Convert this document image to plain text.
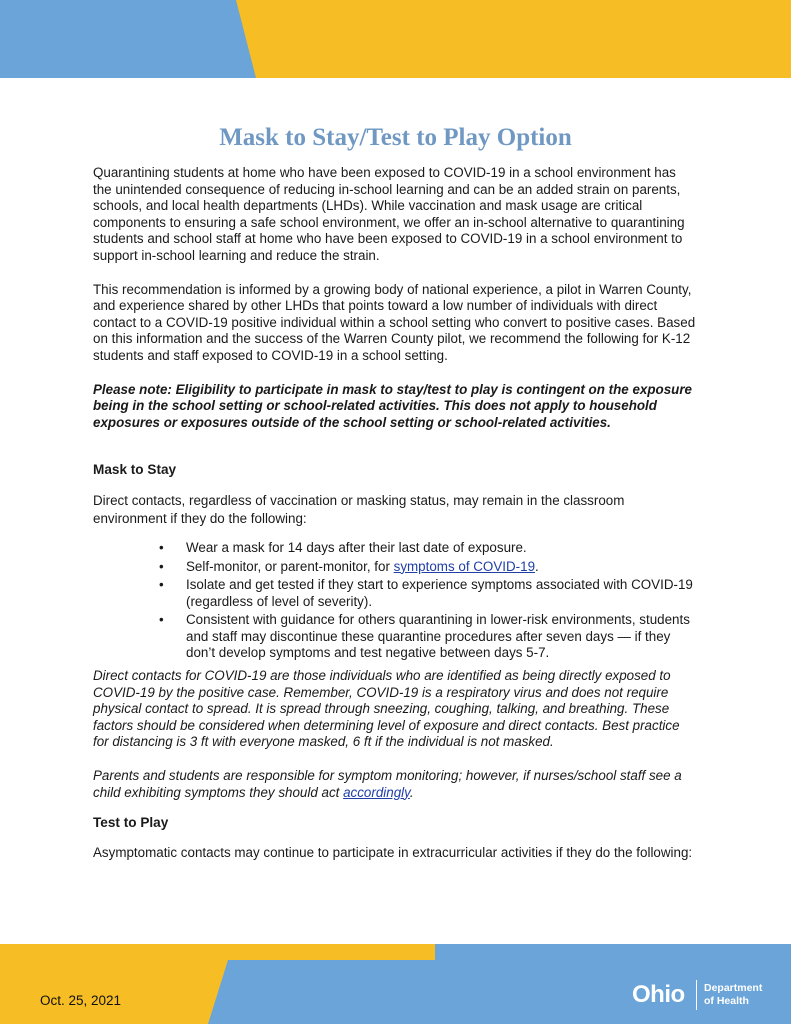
Mask to Stay/Test to Play Option

Quarantining students at home who have been exposed to COVID-19 in a school environment has the unintended consequence of reducing in-school learning and can be an added strain on parents, schools, and local health departments (LHDs). While vaccination and mask usage are critical components to ensuring a safe school environment, we offer an in-school alternative to quarantining students and school staff at home who have been exposed to COVID-19 in a school environment to support in-school learning and reduce the strain.

This recommendation is informed by a growing body of national experience, a pilot in Warren County, and experience shared by other LHDs that points toward a low number of individuals with direct contact to a COVID-19 positive individual within a school setting who convert to positive cases. Based on this information and the success of the Warren County pilot, we recommend the following for K-12 students and staff exposed to COVID-19 in a school setting.

Please note: Eligibility to participate in mask to stay/test to play is contingent on the exposure being in the school setting or school-related activities. This does not apply to household exposures or exposures outside of the school setting or school-related activities.

Mask to Stay

Direct contacts, regardless of vaccination or masking status, may remain in the classroom environment if they do the following:

• Wear a mask for 14 days after their last date of exposure.
• Self-monitor, or parent-monitor, for symptoms of COVID-19.
• Isolate and get tested if they start to experience symptoms associated with COVID-19 (regardless of level of severity).
• Consistent with guidance for others quarantining in lower-risk environments, students and staff may discontinue these quarantine procedures after seven days — if they don’t develop symptoms and test negative between days 5-7.

Direct contacts for COVID-19 are those individuals who are identified as being directly exposed to COVID-19 by the positive case. Remember, COVID-19 is a respiratory virus and does not require physical contact to spread. It is spread through sneezing, coughing, talking, and breathing. These factors should be considered when determining level of exposure and direct contacts. Best practice for distancing is 3 ft with everyone masked, 6 ft if the individual is not masked.

Parents and students are responsible for symptom monitoring; however, if nurses/school staff see a child exhibiting symptoms they should act accordingly.

Test to Play

Asymptomatic contacts may continue to participate in extracurricular activities if they do the following:

Oct. 25, 2021	Ohio Department
of Health
